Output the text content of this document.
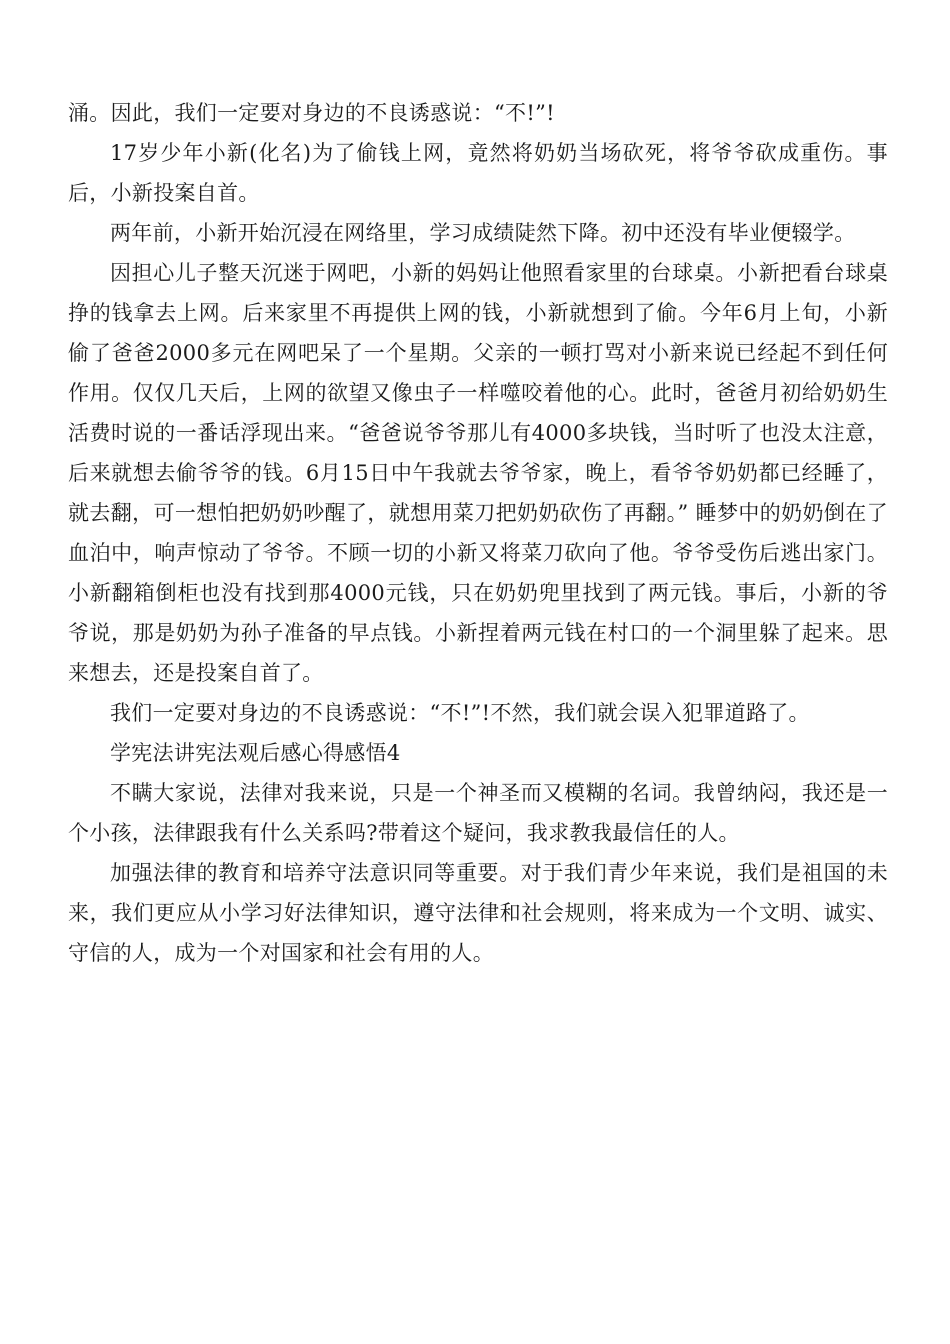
涌。因此，我们一定要对身边的不良诱惑说：“不!”!

17岁少年小新(化名)为了偷钱上网，竟然将奶奶当场砍死，将爷爷砍成重伤。事后，小新投案自首。

两年前，小新开始沉浸在网络里，学习成绩陡然下降。初中还没有毕业便辍学。

因担心儿子整天沉迷于网吧，小新的妈妈让他照看家里的台球桌。小新把看台球桌挣的钱拿去上网。后来家里不再提供上网的钱，小新就想到了偷。今年6月上旬，小新偷了爸爸2000多元在网吧呆了一个星期。父亲的一顿打骂对小新来说已经起不到任何作用。仅仅几天后，上网的欲望又像虫子一样噬咬着他的心。此时，爸爸月初给奶奶生活费时说的一番话浮现出来。“爸爸说爷爷那儿有4000多块钱，当时听了也没太注意，后来就想去偷爷爷的钱。6月15日中午我就去爷爷家，晚上，看爷爷奶奶都已经睡了，就去翻，可一想怕把奶奶吵醒了，就想用菜刀把奶奶砍伤了再翻。” 睡梦中的奶奶倒在了血泊中，响声惊动了爷爷。不顾一切的小新又将菜刀砍向了他。爷爷受伤后逃出家门。小新翻箱倒柜也没有找到那4000元钱，只在奶奶兜里找到了两元钱。事后，小新的爷爷说，那是奶奶为孙子准备的早点钱。小新捏着两元钱在村口的一个洞里躲了起来。思来想去，还是投案自首了。

我们一定要对身边的不良诱惑说：“不!”!不然，我们就会误入犯罪道路了。

学宪法讲宪法观后感心得感悟4

不瞒大家说，法律对我来说，只是一个神圣而又模糊的名词。我曾纳闷，我还是一个小孩，法律跟我有什么关系吗?带着这个疑问，我求教我最信任的人。

加强法律的教育和培养守法意识同等重要。对于我们青少年来说，我们是祖国的未来，我们更应从小学习好法律知识，遵守法律和社会规则，将来成为一个文明、诚实、守信的人，成为一个对国家和社会有用的人。
